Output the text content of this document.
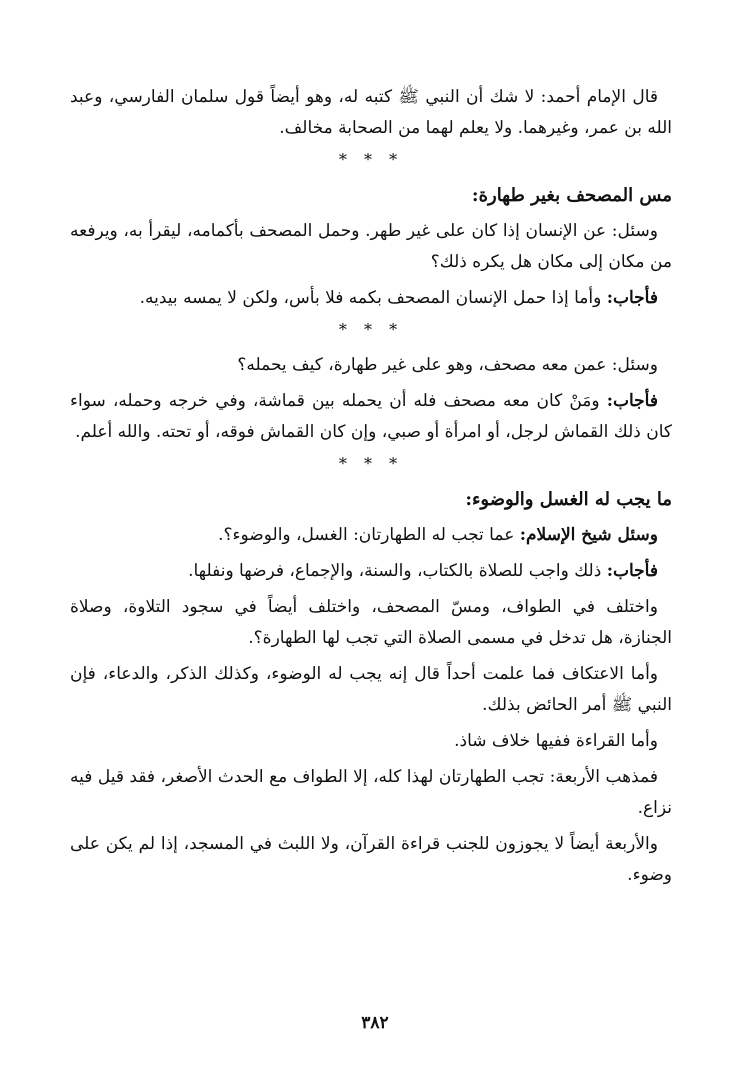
قال الإمام أحمد: لا شك أن النبي ﷺ كتبه له، وهو أيضاً قول سلمان الفارسي، وعبد الله بن عمر، وغيرهما. ولا يعلم لهما من الصحابة مخالف.

* * *
مس المصحف بغير طهارة:

وسئل: عن الإنسان إذا كان على غير طهر. وحمل المصحف بأكمامه، ليقرأ به، ويرفعه من مكان إلى مكان هل يكره ذلك؟

فأجاب: وأما إذا حمل الإنسان المصحف بكمه فلا بأس، ولكن لا يمسه بيديه.

* * *

وسئل: عمن معه مصحف، وهو على غير طهارة، كيف يحمله؟

فأجاب: ومَنْ كان معه مصحف فله أن يحمله بين قماشة، وفي خرجه وحمله، سواء كان ذلك القماش لرجل، أو امرأة أو صبي، وإن كان القماش فوقه، أو تحته. والله أعلم.

* * *
ما يجب له الغسل والوضوء:

وسئل شيخ الإسلام: عما تجب له الطهارتان: الغسل، والوضوء؟.

فأجاب: ذلك واجب للصلاة بالكتاب، والسنة، والإجماع، فرضها ونفلها.

واختلف في الطواف، ومسّ المصحف، واختلف أيضاً في سجود التلاوة، وصلاة الجنازة، هل تدخل في مسمى الصلاة التي تجب لها الطهارة؟.

وأما الاعتكاف فما علمت أحداً قال إنه يجب له الوضوء، وكذلك الذكر، والدعاء، فإن النبي ﷺ أمر الحائض بذلك.

وأما القراءة ففيها خلاف شاذ.

فمذهب الأربعة: تجب الطهارتان لهذا كله، إلا الطواف مع الحدث الأصغر، فقد قيل فيه نزاع.

والأربعة أيضاً لا يجوزون للجنب قراءة القرآن، ولا اللبث في المسجد، إذا لم يكن على وضوء.

٣٨٢
